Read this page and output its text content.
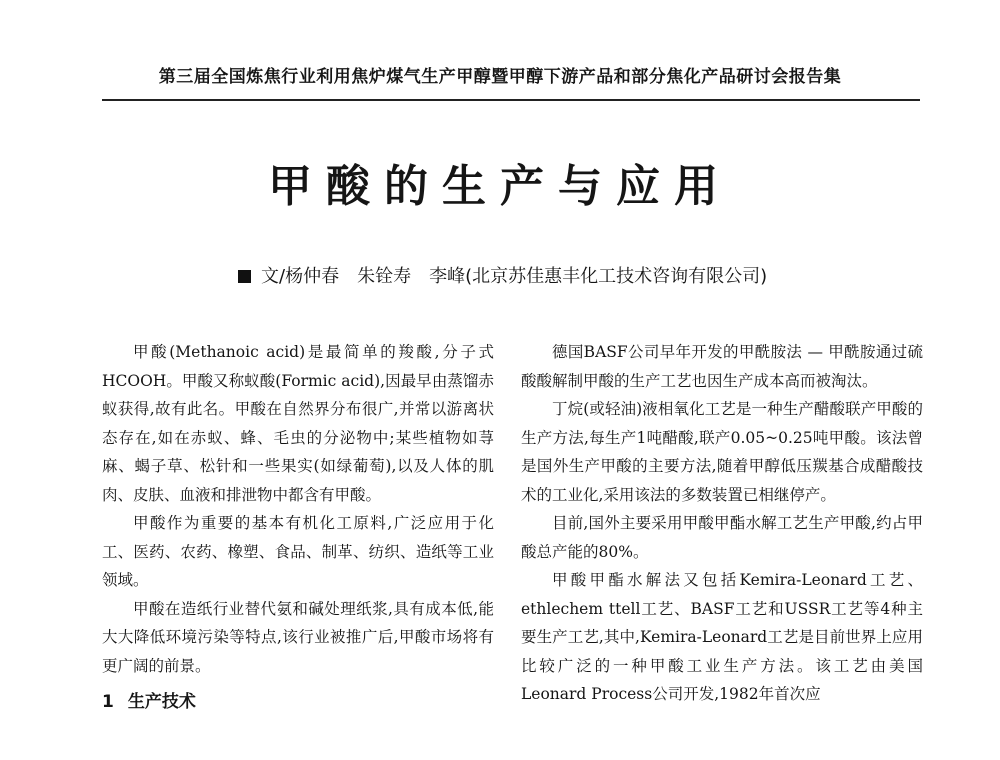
第三届全国炼焦行业利用焦炉煤气生产甲醇暨甲醇下游产品和部分焦化产品研讨会报告集
甲酸的生产与应用
文/杨仲春　朱铨寿　李峰(北京苏佳惠丰化工技术咨询有限公司)

甲酸(Methanoic acid)是最简单的羧酸,分子式HCOOH。甲酸又称蚁酸(Formic acid),因最早由蒸馏赤蚁获得,故有此名。甲酸在自然界分布很广,并常以游离状态存在,如在赤蚁、蜂、毛虫的分泌物中;某些植物如荨麻、蝎子草、松针和一些果实(如绿葡萄),以及人体的肌肉、皮肤、血液和排泄物中都含有甲酸。

甲酸作为重要的基本有机化工原料,广泛应用于化工、医药、农药、橡塑、食品、制革、纺织、造纸等工业领域。

甲酸在造纸行业替代氨和碱处理纸浆,具有成本低,能大大降低环境污染等特点,该行业被推广后,甲酸市场将有更广阔的前景。

1 生产技术

德国BASF公司早年开发的甲酰胺法 — 甲酰胺通过硫酸酸解制甲酸的生产工艺也因生产成本高而被淘汰。

丁烷(或轻油)液相氧化工艺是一种生产醋酸联产甲酸的生产方法,每生产1吨醋酸,联产0.05~0.25吨甲酸。该法曾是国外生产甲酸的主要方法,随着甲醇低压羰基合成醋酸技术的工业化,采用该法的多数装置已相继停产。

目前,国外主要采用甲酸甲酯水解工艺生产甲酸,约占甲酸总产能的80%。

甲酸甲酯水解法又包括Kemira-Leonard工艺、ethlechem ttell工艺、BASF工艺和USSR工艺等4种主要生产工艺,其中,Kemira-Leonard工艺是目前世界上应用比较广泛的一种甲酸工业生产方法。该工艺由美国Leonard Process公司开发,1982年首次应
